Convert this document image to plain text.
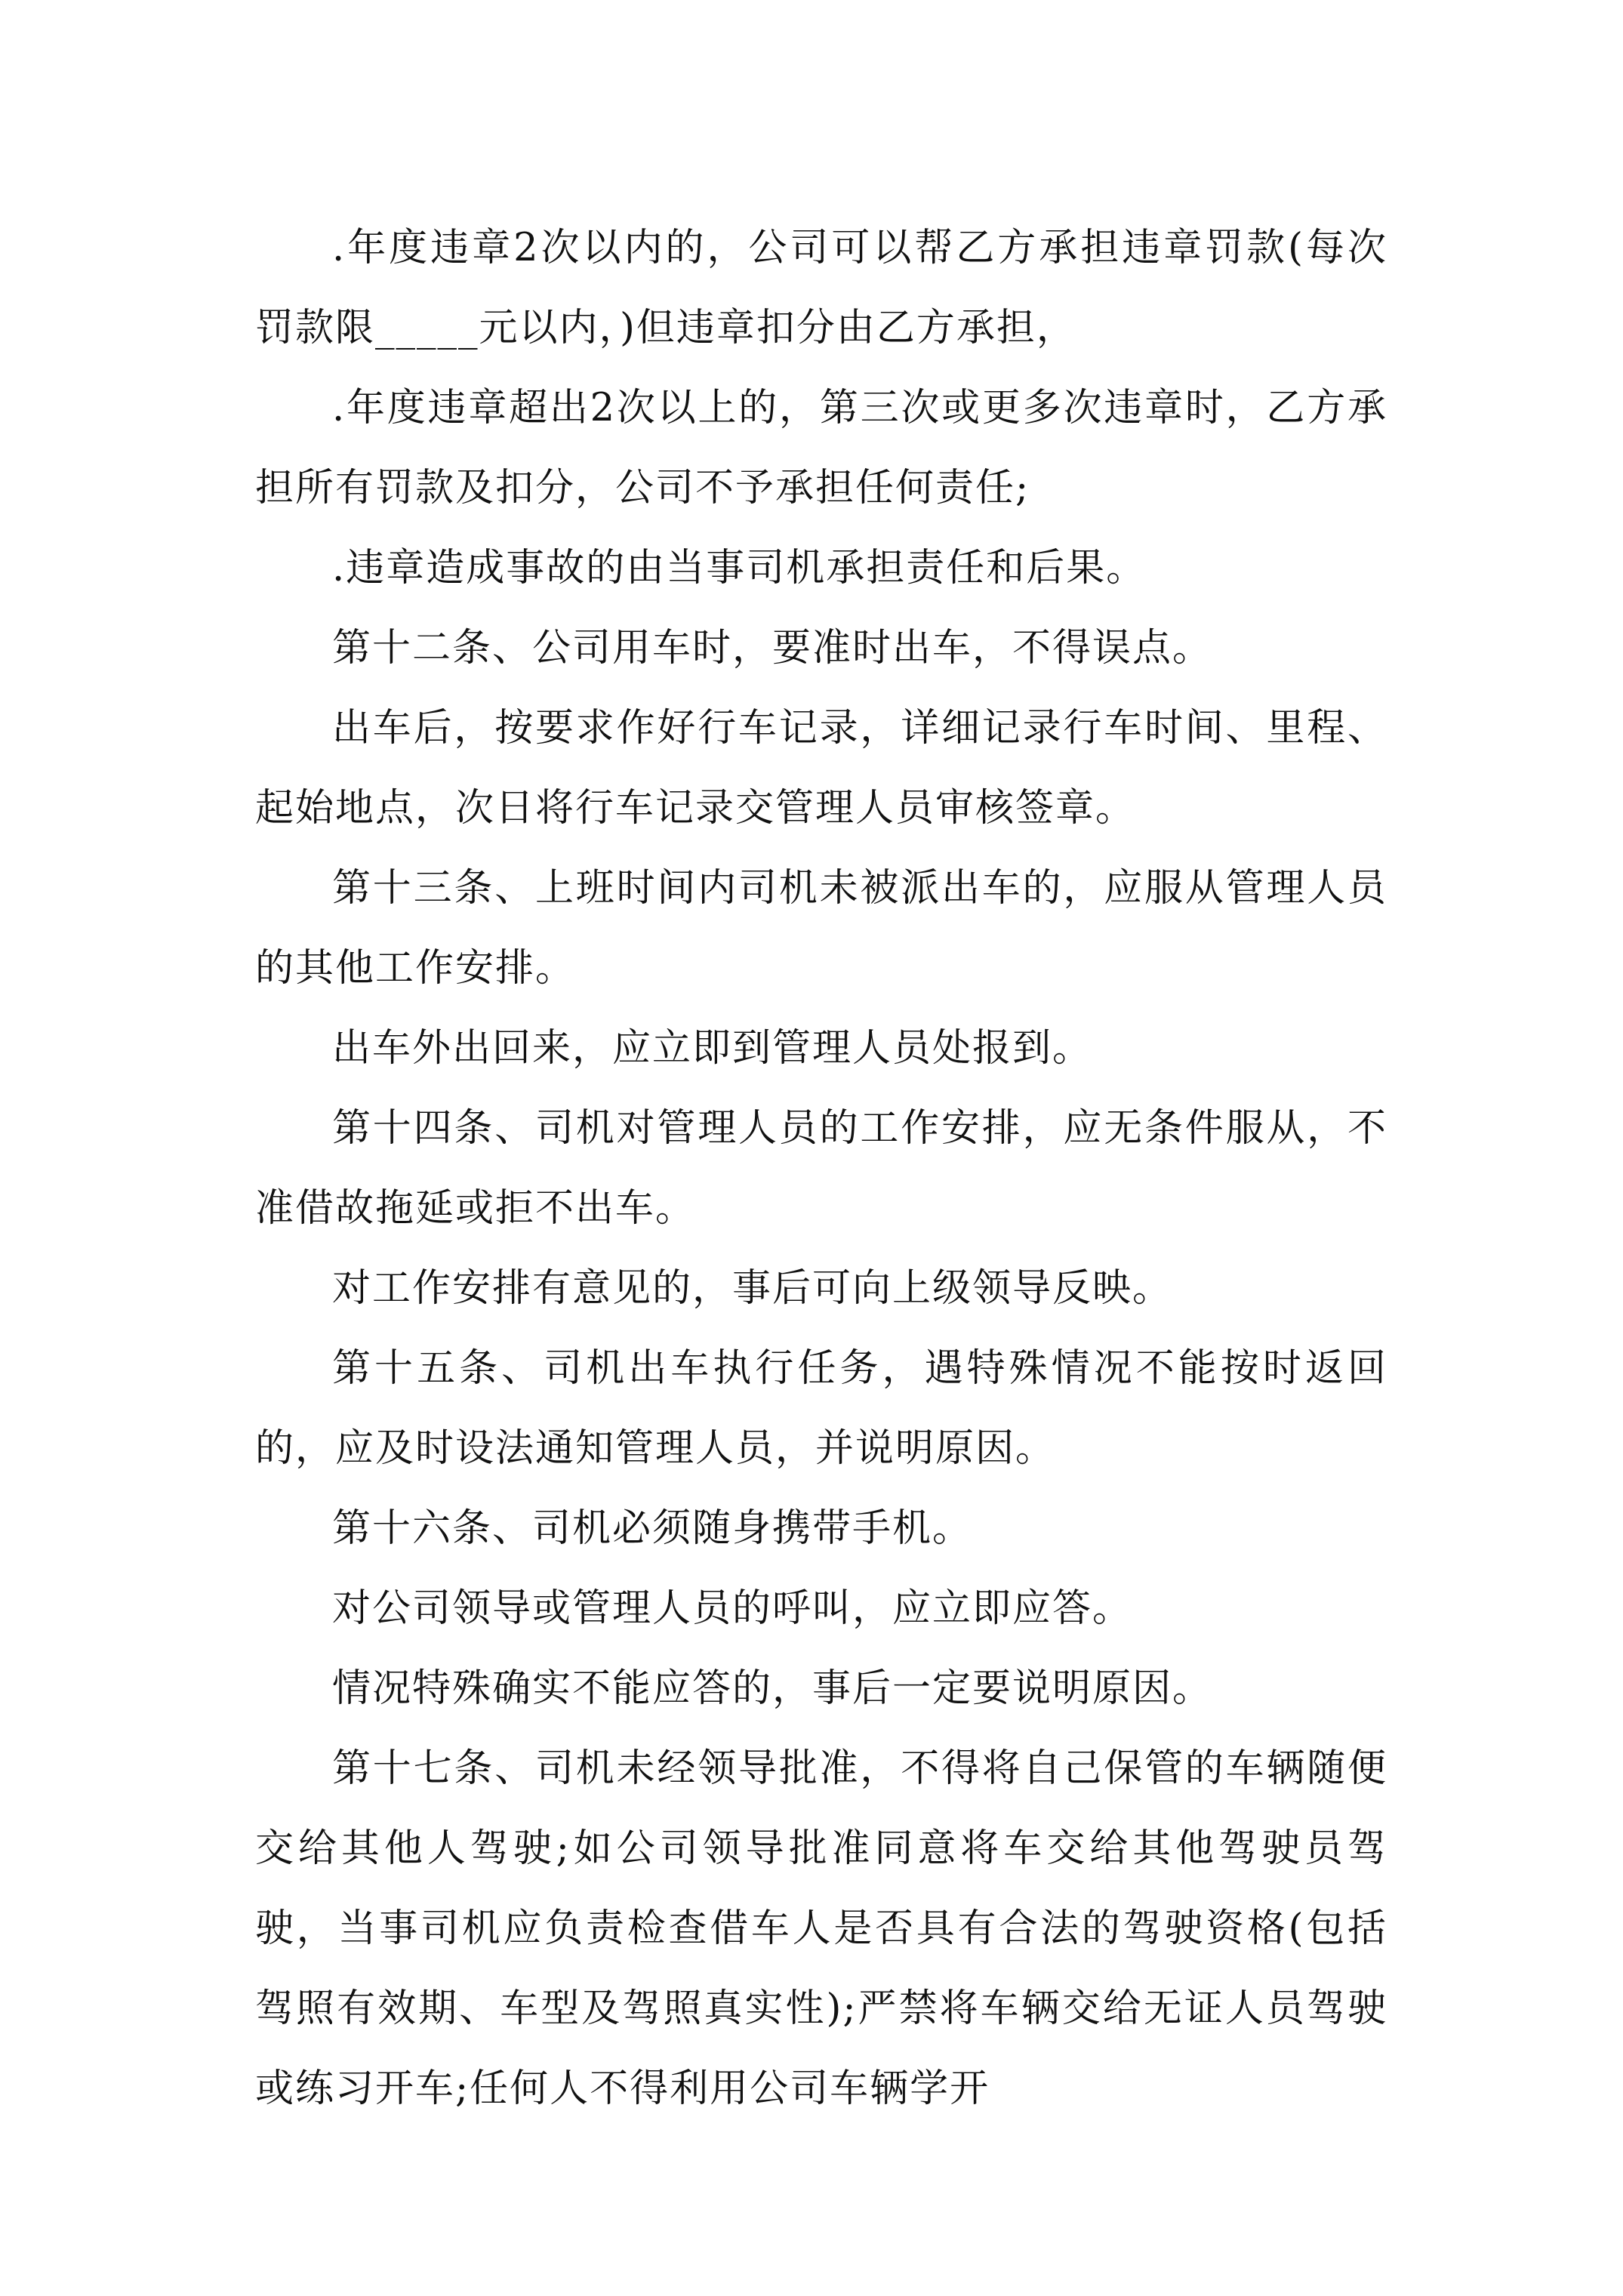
.年度违章2次以内的，公司可以帮乙方承担违章罚款(每次罚款限_____元以内，)但违章扣分由乙方承担，

.年度违章超出2次以上的，第三次或更多次违章时，乙方承担所有罚款及扣分，公司不予承担任何责任;

.违章造成事故的由当事司机承担责任和后果。

第十二条、公司用车时，要准时出车，不得误点。

出车后，按要求作好行车记录，详细记录行车时间、里程、起始地点，次日将行车记录交管理人员审核签章。

第十三条、上班时间内司机未被派出车的，应服从管理人员的其他工作安排。

出车外出回来，应立即到管理人员处报到。

第十四条、司机对管理人员的工作安排，应无条件服从，不准借故拖延或拒不出车。

对工作安排有意见的，事后可向上级领导反映。

第十五条、司机出车执行任务，遇特殊情况不能按时返回的，应及时设法通知管理人员，并说明原因。

第十六条、司机必须随身携带手机。

对公司领导或管理人员的呼叫，应立即应答。

情况特殊确实不能应答的，事后一定要说明原因。

第十七条、司机未经领导批准，不得将自己保管的车辆随便交给其他人驾驶;如公司领导批准同意将车交给其他驾驶员驾驶，当事司机应负责检查借车人是否具有合法的驾驶资格(包括驾照有效期、车型及驾照真实性);严禁将车辆交给无证人员驾驶或练习开车;任何人不得利用公司车辆学开
